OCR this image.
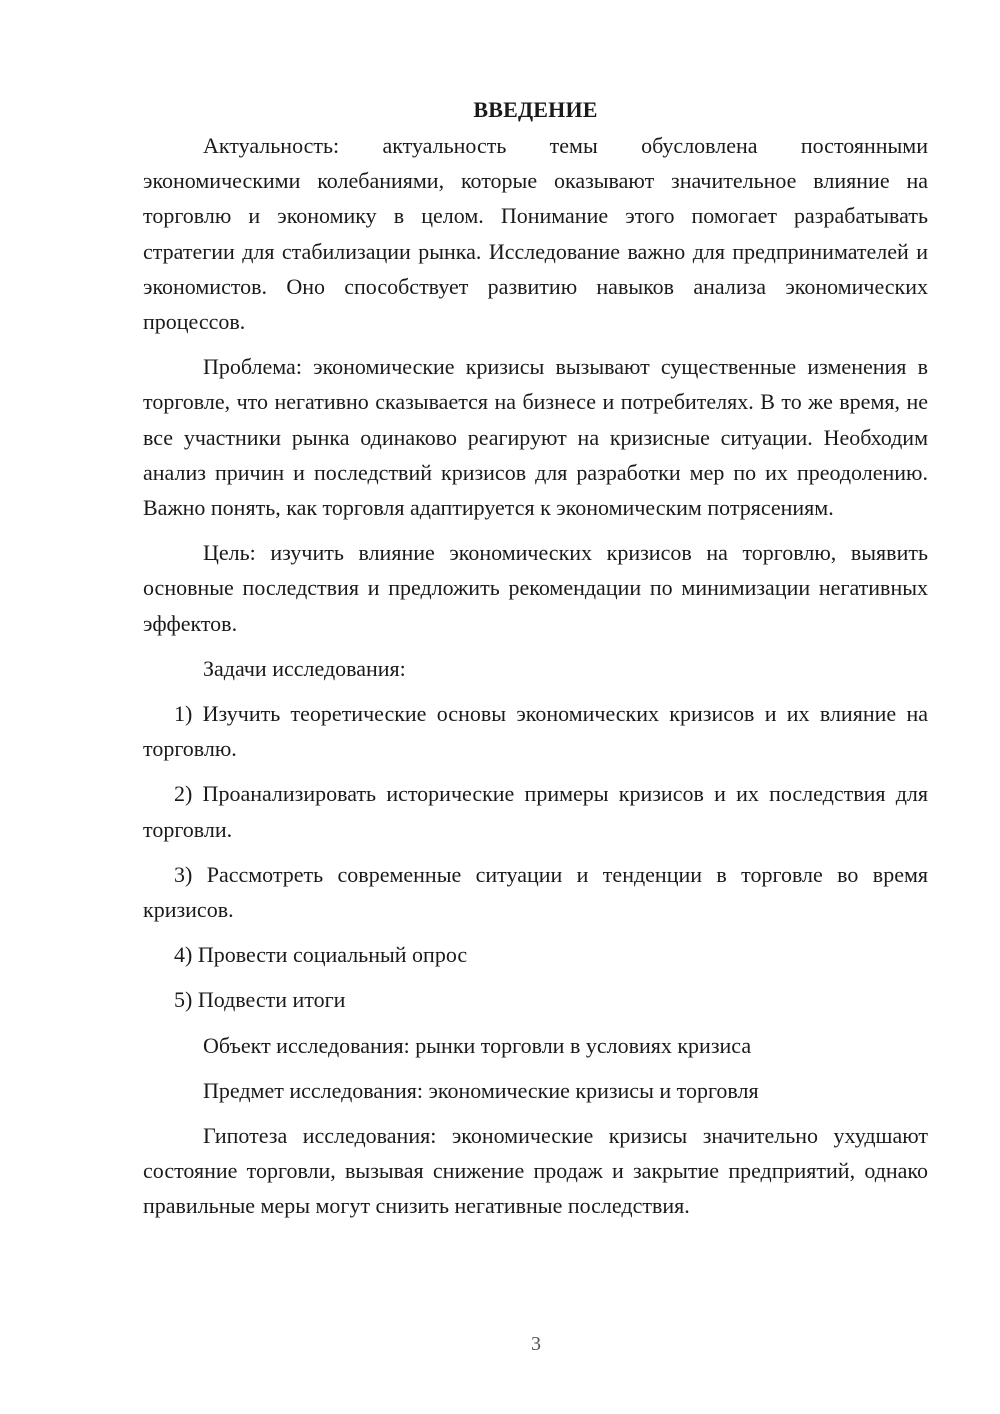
ВВЕДЕНИЕ

Актуальность: актуальность темы обусловлена постоянными экономическими колебаниями, которые оказывают значительное влияние на торговлю и экономику в целом. Понимание этого помогает разрабатывать стратегии для стабилизации рынка. Исследование важно для предпринимателей и экономистов. Оно способствует развитию навыков анализа экономических процессов.

Проблема: экономические кризисы вызывают существенные изменения в торговле, что негативно сказывается на бизнесе и потребителях. В то же время, не все участники рынка одинаково реагируют на кризисные ситуации. Необходим анализ причин и последствий кризисов для разработки мер по их преодолению. Важно понять, как торговля адаптируется к экономическим потрясениям.

Цель: изучить влияние экономических кризисов на торговлю, выявить основные последствия и предложить рекомендации по минимизации негативных эффектов.

Задачи исследования:

1) Изучить теоретические основы экономических кризисов и их влияние на торговлю.

2) Проанализировать исторические примеры кризисов и их последствия для торговли.

3) Рассмотреть современные ситуации и тенденции в торговле во время кризисов.

4) Провести социальный опрос

5) Подвести итоги

Объект исследования: рынки торговли в условиях кризиса

Предмет исследования: экономические кризисы и торговля

Гипотеза исследования: экономические кризисы значительно ухудшают состояние торговли, вызывая снижение продаж и закрытие предприятий, однако правильные меры могут снизить негативные последствия.

3
